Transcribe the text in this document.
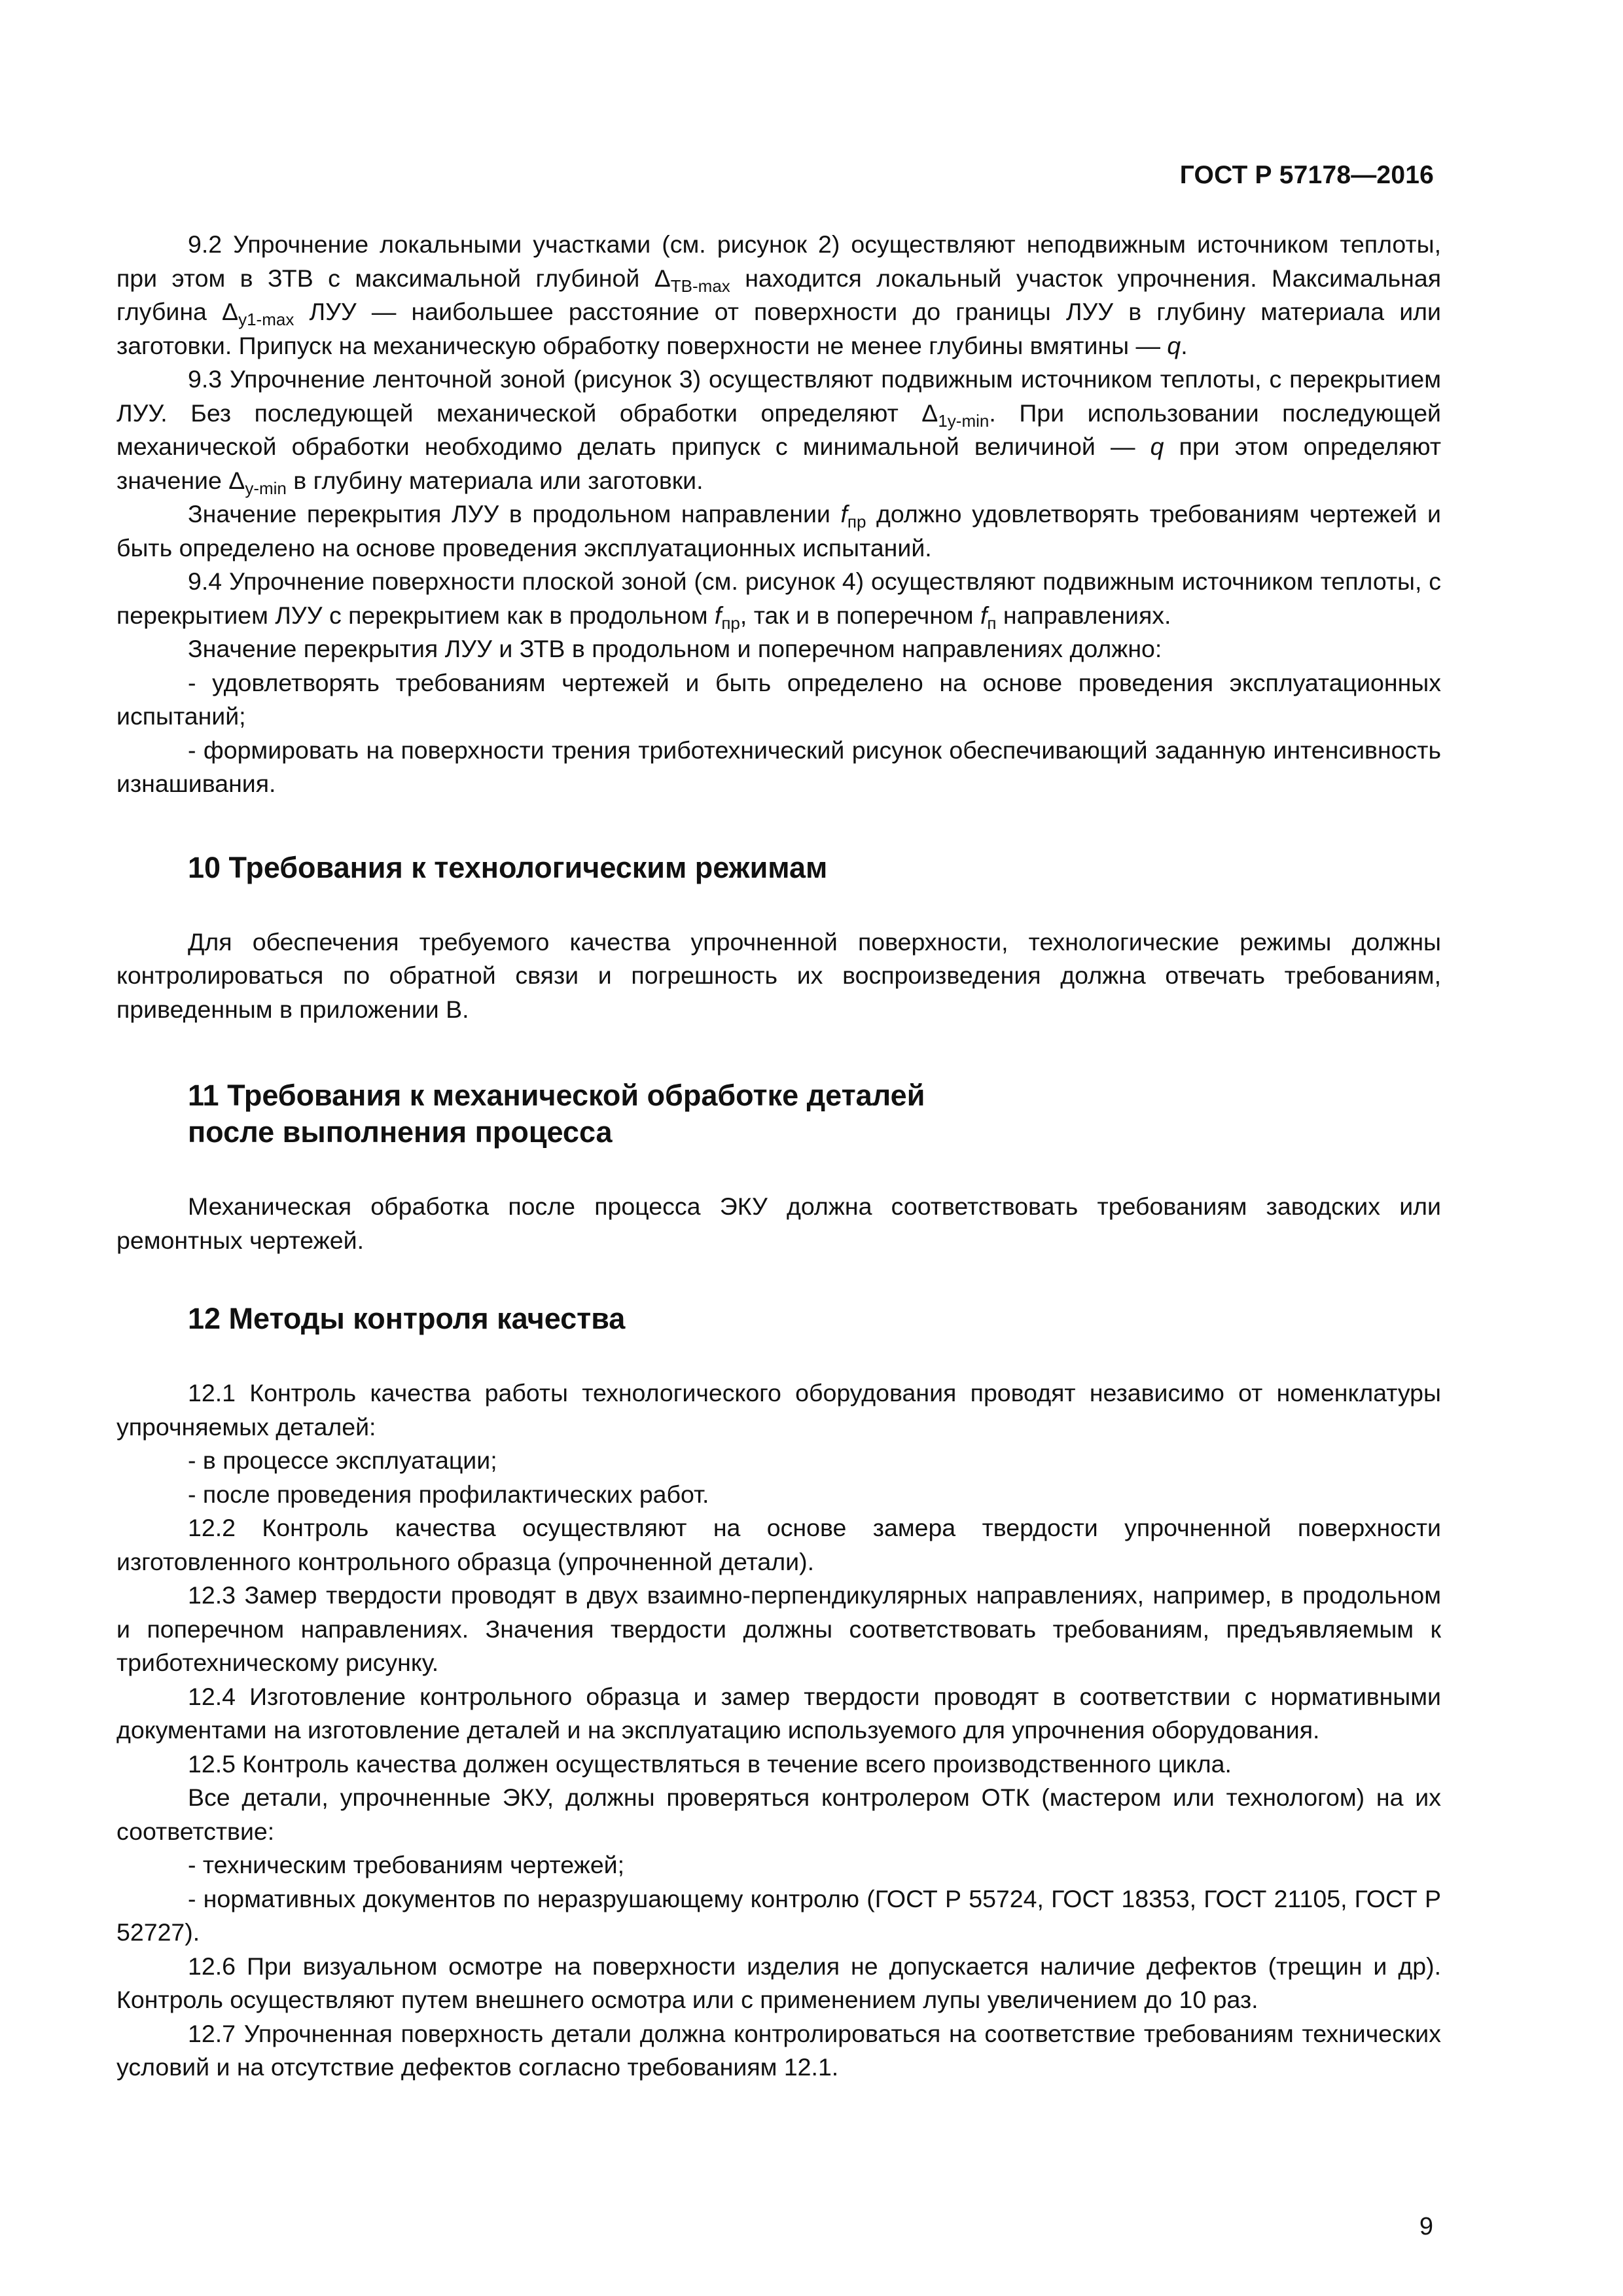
ГОСТ Р 57178—2016

9.2 Упрочнение локальными участками (см. рисунок 2) осуществляют неподвижным источником теплоты, при этом в ЗТВ с максимальной глубиной $\Delta_{ТВ-max}$ находится локальный участок упрочнения. Максимальная глубина $\Delta_{y1-max}$ ЛУУ — наибольшее расстояние от поверхности до границы ЛУУ в глубину материала или заготовки. Припуск на механическую обработку поверхности не менее глубины вмятины — q.

9.3 Упрочнение ленточной зоной (рисунок 3) осуществляют подвижным источником теплоты, с перекрытием ЛУУ. Без последующей механической обработки определяют $\Delta_{1y-min}$. При использовании последующей механической обработки необходимо делать припуск с минимальной величиной — q при этом определяют значение $\Delta_{y-min}$ в глубину материала или заготовки.

Значение перекрытия ЛУУ в продольном направлении $f_{пр}$ должно удовлетворять требованиям чертежей и быть определено на основе проведения эксплуатационных испытаний.

9.4 Упрочнение поверхности плоской зоной (см. рисунок 4) осуществляют подвижным источником теплоты, с перекрытием ЛУУ с перекрытием как в продольном $f_{пр}$, так и в поперечном $f_п$ направлениях.

Значение перекрытия ЛУУ и ЗТВ в продольном и поперечном направлениях должно:

- удовлетворять требованиям чертежей и быть определено на основе проведения эксплуатационных испытаний;

- формировать на поверхности трения триботехнический рисунок обеспечивающий заданную интенсивность изнашивания.

10 Требования к технологическим режимам

Для обеспечения требуемого качества упрочненной поверхности, технологические режимы должны контролироваться по обратной связи и погрешность их воспроизведения должна отвечать требованиям, приведенным в приложении В.

11 Требования к механической обработке деталей
после выполнения процесса

Механическая обработка после процесса ЭКУ должна соответствовать требованиям заводских или ремонтных чертежей.

12 Методы контроля качества

12.1 Контроль качества работы технологического оборудования проводят независимо от номенклатуры упрочняемых деталей:

- в процессе эксплуатации;

- после проведения профилактических работ.

12.2 Контроль качества осуществляют на основе замера твердости упрочненной поверхности изготовленного контрольного образца (упрочненной детали).

12.3 Замер твердости проводят в двух взаимно-перпендикулярных направлениях, например, в продольном и поперечном направлениях. Значения твердости должны соответствовать требованиям, предъявляемым к триботехническому рисунку.

12.4 Изготовление контрольного образца и замер твердости проводят в соответствии с нормативными документами на изготовление деталей и на эксплуатацию используемого для упрочнения оборудования.

12.5 Контроль качества должен осуществляться в течение всего производственного цикла.

Все детали, упрочненные ЭКУ, должны проверяться контролером ОТК (мастером или технологом) на их соответствие:

- техническим требованиям чертежей;

- нормативных документов по неразрушающему контролю (ГОСТ Р 55724, ГОСТ 18353, ГОСТ 21105, ГОСТ Р 52727).

12.6 При визуальном осмотре на поверхности изделия не допускается наличие дефектов (трещин и др). Контроль осуществляют путем внешнего осмотра или с применением лупы увеличением до 10 раз.

12.7 Упрочненная поверхность детали должна контролироваться на соответствие требованиям технических условий и на отсутствие дефектов согласно требованиям 12.1.

9
